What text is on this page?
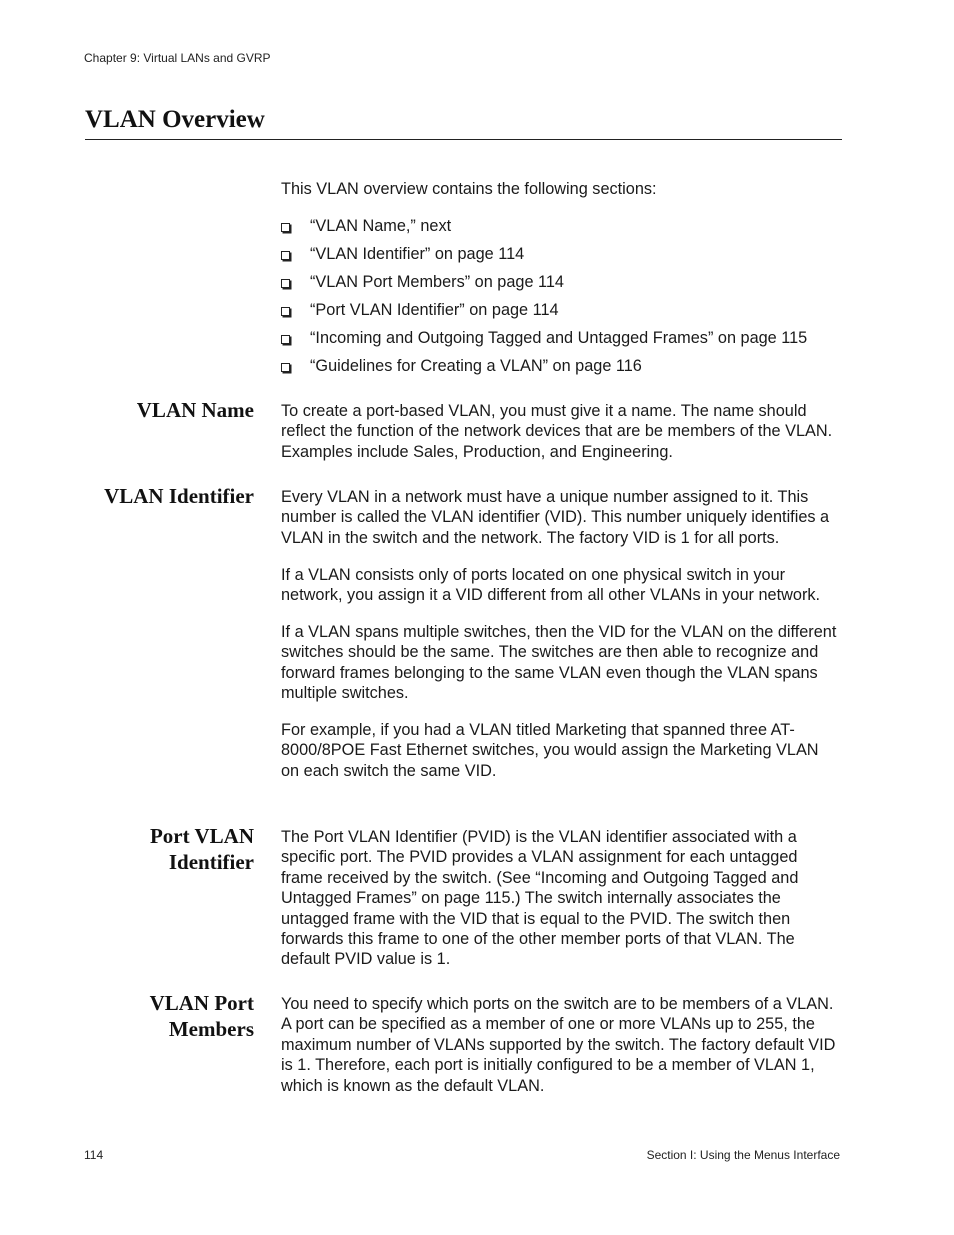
Chapter 9: Virtual LANs and GVRP
VLAN Overview

This VLAN overview contains the following sections:

“VLAN Name,” next
“VLAN Identifier” on page 114
“VLAN Port Members” on page 114
“Port VLAN Identifier” on page 114
“Incoming and Outgoing Tagged and Untagged Frames” on page 115
“Guidelines for Creating a VLAN” on page 116
VLAN Name To create a port-based VLAN, you must give it a name. The name should reflect the function of the network devices that are be members of the VLAN. Examples include Sales, Production, and Engineering.

VLAN Identifier Every VLAN in a network must have a unique number assigned to it. This number is called the VLAN identifier (VID). This number uniquely identifies a VLAN in the switch and the network. The factory VID is 1 for all ports.

If a VLAN consists only of ports located on one physical switch in your network, you assign it a VID different from all other VLANs in your network.

If a VLAN spans multiple switches, then the VID for the VLAN on the different switches should be the same. The switches are then able to recognize and forward frames belonging to the same VLAN even though the VLAN spans multiple switches.

For example, if you had a VLAN titled Marketing that spanned three AT-8000/8POE Fast Ethernet switches, you would assign the Marketing VLAN on each switch the same VID.

Port VLAN
Identifier

The Port VLAN Identifier (PVID) is the VLAN identifier associated with a specific port. The PVID provides a VLAN assignment for each untagged frame received by the switch. (See “Incoming and Outgoing Tagged and Untagged Frames” on page 115.) The switch internally associates the untagged frame with the VID that is equal to the PVID. The switch then forwards this frame to one of the other member ports of that VLAN. The default PVID value is 1.

VLAN Port
Members

You need to specify which ports on the switch are to be members of a VLAN. A port can be specified as a member of one or more VLANs up to 255, the maximum number of VLANs supported by the switch. The factory default VID is 1. Therefore, each port is initially configured to be a member of VLAN 1, which is known as the default VLAN.

114	Section I: Using the Menus Interface
